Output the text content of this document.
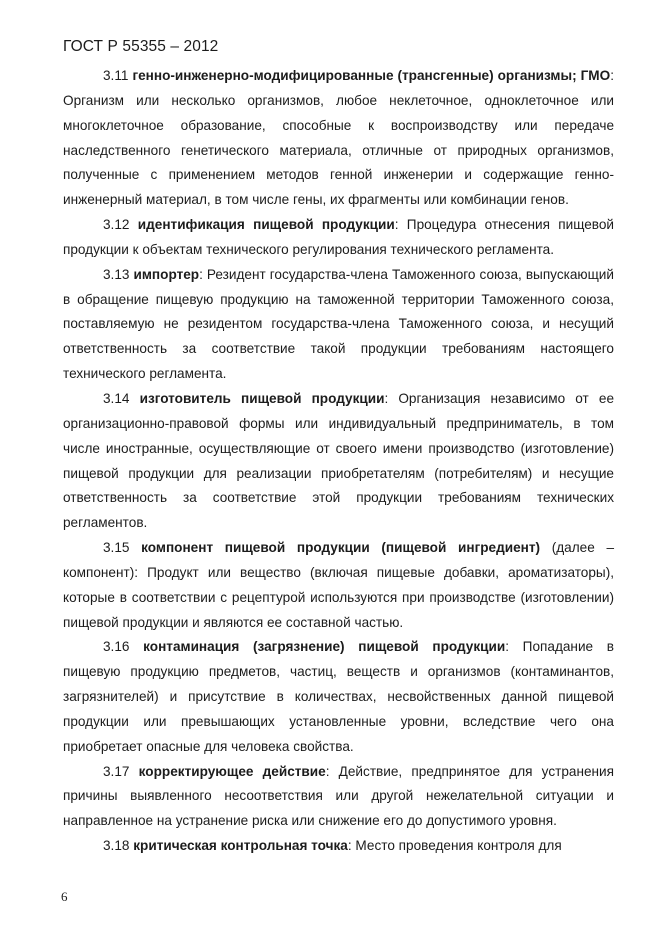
ГОСТ Р 55355 – 2012

3.11 генно-инженерно-модифицированные (трансгенные) организмы; ГМО: Организм или несколько организмов, любое неклеточное, одноклеточное или многоклеточное образование, способные к воспроизводству или передаче наследственного генетического материала, отличные от природных организмов, полученные с применением методов генной инженерии и содержащие генно-инженерный материал, в том числе гены, их фрагменты или комбинации генов.

3.12 идентификация пищевой продукции: Процедура отнесения пищевой продукции к объектам технического регулирования технического регламента.

3.13 импортер: Резидент государства-члена Таможенного союза, выпускающий в обращение пищевую продукцию на таможенной территории Таможенного союза, поставляемую не резидентом государства-члена Таможенного союза, и несущий ответственность за соответствие такой продукции требованиям настоящего технического регламента.

3.14 изготовитель пищевой продукции: Организация независимо от ее организационно-правовой формы или индивидуальный предприниматель, в том числе иностранные, осуществляющие от своего имени производство (изготовление) пищевой продукции для реализации приобретателям (потребителям) и несущие ответственность за соответствие этой продукции требованиям технических регламентов.

3.15 компонент пищевой продукции (пищевой ингредиент) (далее – компонент): Продукт или вещество (включая пищевые добавки, ароматизаторы), которые в соответствии с рецептурой используются при производстве (изготовлении) пищевой продукции и являются ее составной частью.

3.16 контаминация (загрязнение) пищевой продукции: Попадание в пищевую продукцию предметов, частиц, веществ и организмов (контаминантов, загрязнителей) и присутствие в количествах, несвойственных данной пищевой продукции или превышающих установленные уровни, вследствие чего она приобретает опасные для человека свойства.

3.17 корректирующее действие: Действие, предпринятое для устранения причины выявленного несоответствия или другой нежелательной ситуации и направленное на устранение риска или снижение его до допустимого уровня.

3.18 критическая контрольная точка: Место проведения контроля для

6
